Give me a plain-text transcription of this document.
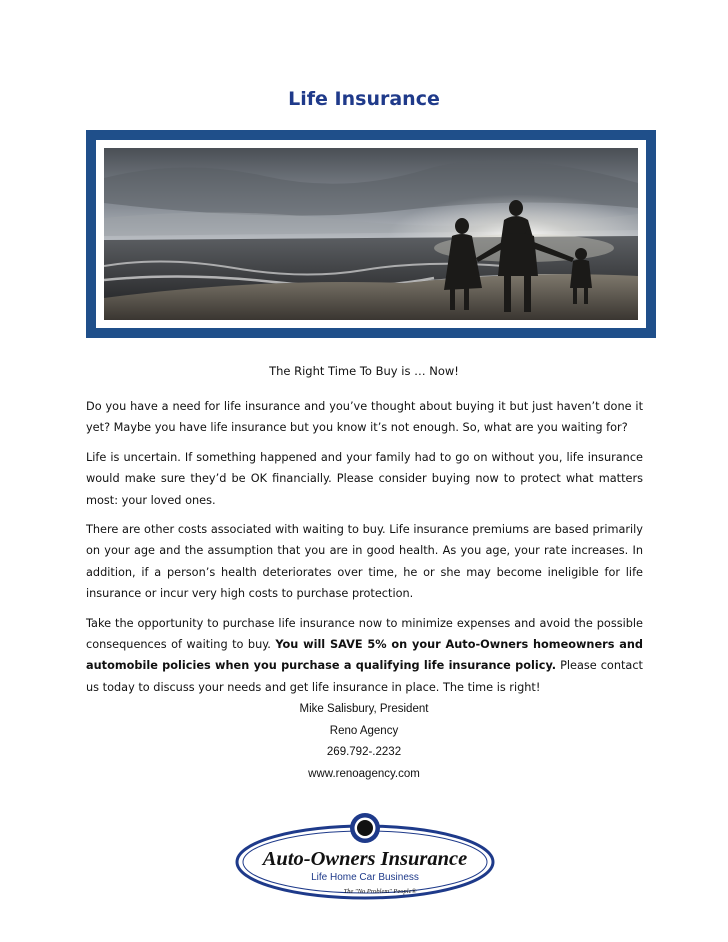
Life Insurance
The Right Time To Buy is … Now!

Do you have a need for life insurance and you’ve thought about buying it but just haven’t done it yet? Maybe you have life insurance but you know it’s not enough. So, what are you waiting for?

Life is uncertain. If something happened and your family had to go on without you, life insurance would make sure they’d be OK financially. Please consider buying now to protect what matters most: your loved ones.

There are other costs associated with waiting to buy. Life insurance premiums are based primarily on your age and the assumption that you are in good health. As you age, your rate increases. In addition, if a person’s health deteriorates over time, he or she may become ineligible for life insurance or incur very high costs to purchase protection.

Take the opportunity to purchase life insurance now to minimize expenses and avoid the possible consequences of waiting to buy. You will SAVE 5% on your Auto-Owners homeowners and automobile policies when you purchase a qualifying life insurance policy. Please contact us today to discuss your needs and get life insurance in place. The time is right!

Mike Salisbury, President
Reno Agency
269.792-.2232
www.renoagency.com
Auto-Owners Insurance
Life Home Car Business
The "No Problem" People®
